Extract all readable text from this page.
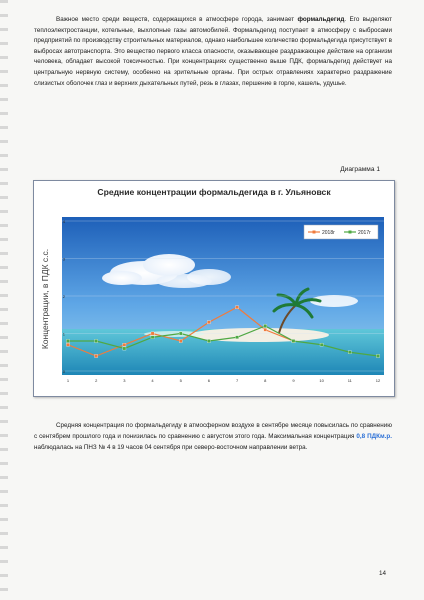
Важное место среди веществ, содержащихся в атмосфере города, занимает формальдегид. Его выделяют теплоэлектростанции, котельные, выхлопные газы автомобилей. Формальдегид поступает в атмосферу с выбросами предприятий по производству строительных материалов, однако наибольшее количество формальдегида присутствует в выбросах автотранспорта. Это вещество первого класса опасности, оказывающее раздражающее действие на организм человека, обладает высокой токсичностью. При концентрациях существенно выше ПДК, формальдегид действует на центральную нервную систему, особенно на зрительные органы. При острых отравлениях характерно раздражение слизистых оболочек глаз и верхних дыхательных путей, резь в глазах, першение в горле, кашель, удушье.

Диаграмма 1
0
1
2
3
4
1	2	3	4	5	6	7	8	9	10	11	12
2018г	2017г
Концентрации, в ПДК с.с.
Средние концентрации формальдегида в г. Ульяновск

Средняя концентрация по формальдегиду в атмосферном воздухе в сентябре месяце повысилась по сравнению с сентябрем прошлого года и понизилась по сравнению с августом этого года. Максимальная концентрация 0,8 ПДКм.р. наблюдалась на ПНЗ № 4 в 19 часов 04 сентября при северо-восточном направлении ветра.

14
